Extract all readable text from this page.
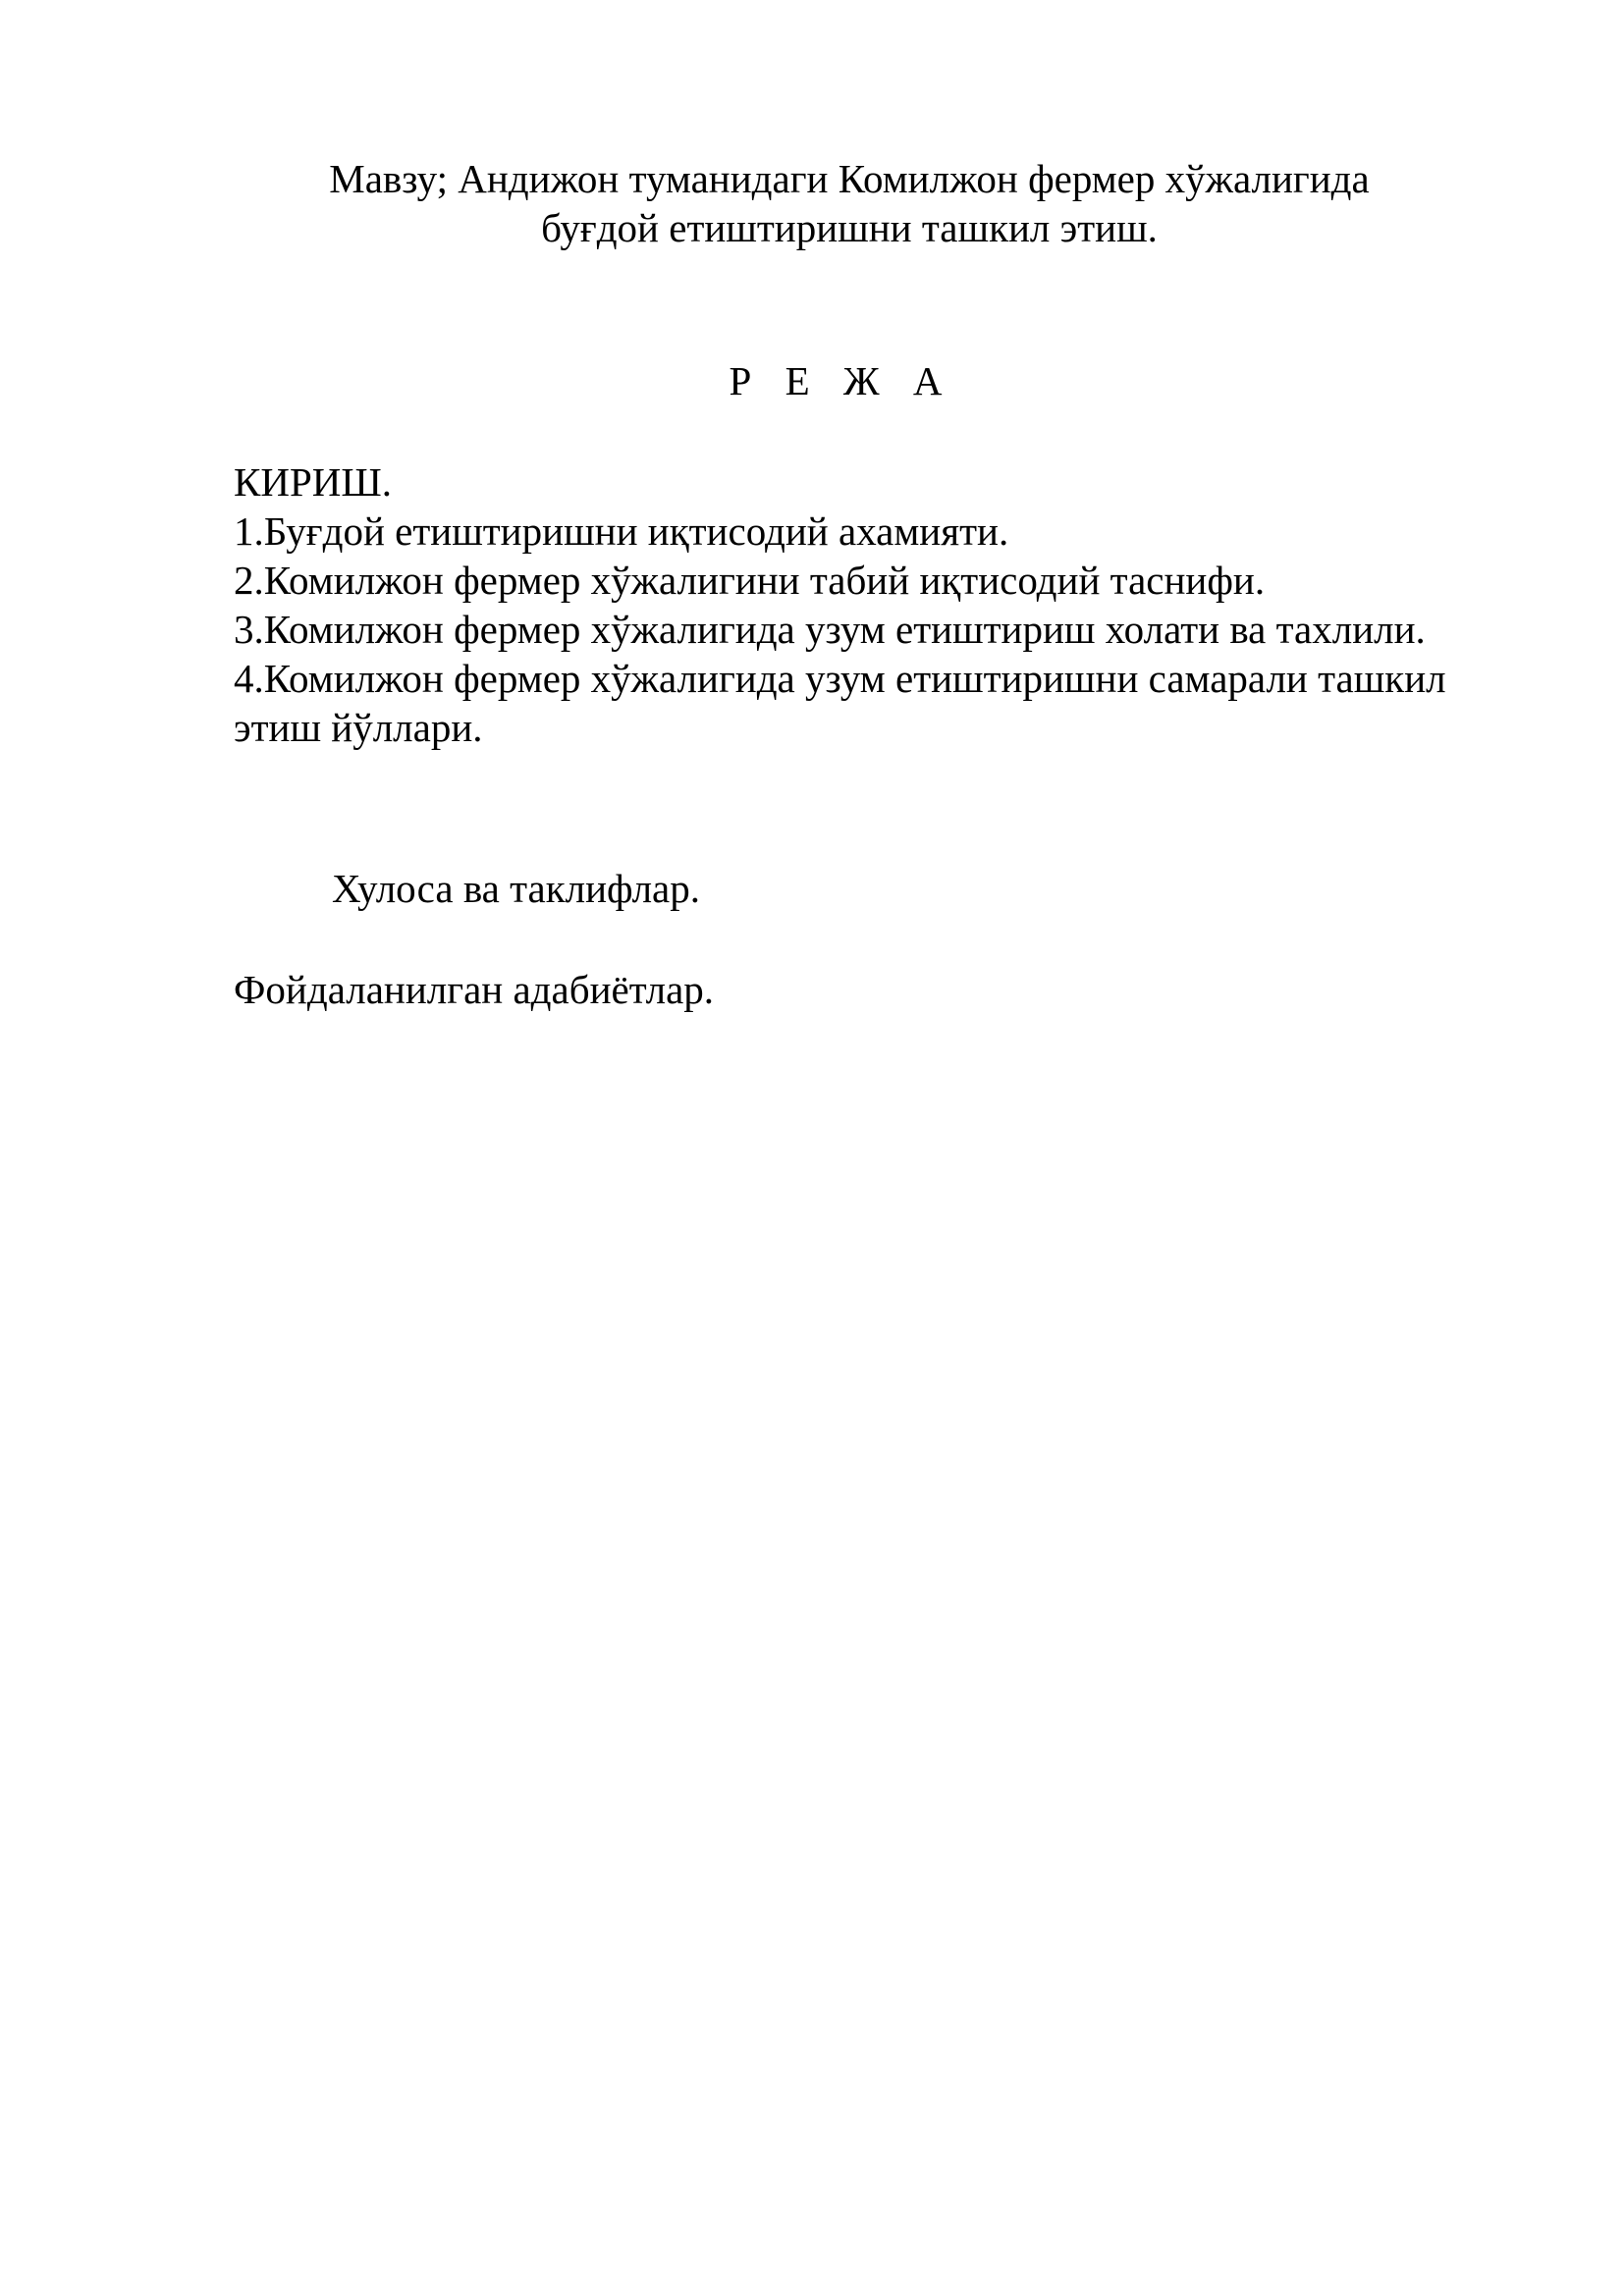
Мавзу; Андижон туманидаги Комилжон фермер хўжалигида
буғдой етиштиришни ташкил этиш.
Р Е Ж А
КИРИШ.
1.Буғдой етиштиришни иқтисодий ахамияти.
2.Комилжон фермер хўжалигини табий иқтисодий таснифи.
3.Комилжон фермер хўжалигида узум етиштириш холати ва тахлили.
4.Комилжон фермер хўжалигида узум етиштиришни самарали ташкил этиш йўллари.

Хулоса ва таклифлар.

Фойдаланилган адабиётлар.
